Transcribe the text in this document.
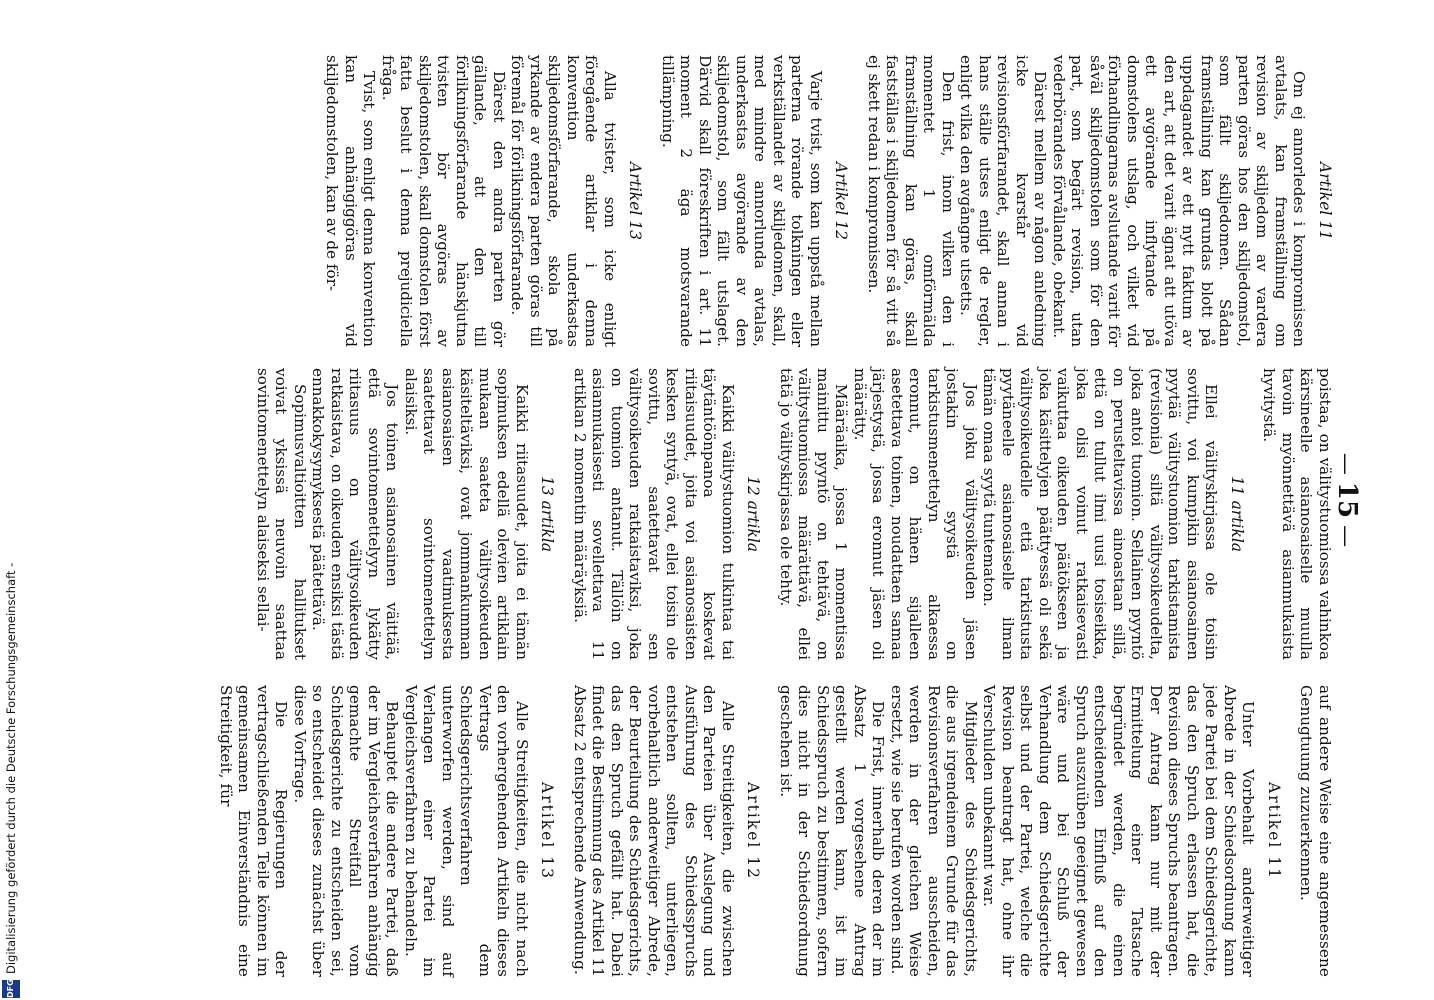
— 15 —
Artikel 11

Om ej annorledes i kompromissen avtalats, kan framställning om revision av skiljedom av vardera parten göras hos den skiljedomstol, som fällt skiljedomen. Sådan framställning kan grundas blott på uppdagandet av ett nytt faktum av den art, att det varit ägnat att utöva ett avgörande inflytande på domstolens utslag, och vilket vid förhandlingarnas avslutande varit för såväl skiljedomstolen som för den part, som begärt revision, utan vederbörandes förvållande, obekant.

Därest mellem av någon anledning icke kvarstår vid revisionsförfarandet, skall annan i hans ställe utses enligt de regler, enligt vilka den avgångne utsetts.

Den frist, inom vilken den i momentet 1 omförmälda framställning kan göras, skall fastställas i skiljedomen för så vitt så ej skett redan i kompromissen.

Artikel 12

Varje tvist, som kan uppstå mellan parterna rörande tolkningen eller verkställandet av skiljedomen, skall, med mindre annorlunda avtalas, underkastas avgörande av den skiljedomstol, som fällt utslaget. Därvid skall föreskriften i art. 11 moment 2 äga motsvarande tillämpning.

Artikel 13

Alla tvister, som icke enligt föregående artiklar i denna konvention underkastas skiljedomsförfarande, skola på yrkande av endera parten göras till föremål för förlikningsförfarande.

Därest den andra parten gör gällande, att den till förlikningsförfarande hänskjutna tvisten bör avgöras av skiljedomstolen, skall domstolen först fatta beslut i denna prejudiciella fråga.

Tvist, som enligt denna konvention kan anhängiggöras vid skiljedomstolen, kan av de för-

poistaa, on välitystuomiossa vahinkoa kärsineelle asianosaiselle muulla tavoin myönnettävä asianmukaista hyvitystä.

11 artikla

Ellei välityskirjassa ole toisin sovittu, voi kumpikin asianosainen pyytää välitystuomion tarkistamista (revisionia) siltä välitysoikeudelta, joka antoi tuomion. Sellainen pyyntö on perusteltavissa ainoastaan sillä, että on tullut ilmi uusi tosiseikka, joka olisi voinut ratkaisevasti vaikuttaa oikeuden päätökseen ja joka käsittelyjen päättyessä oli sekä välitysoikeudelle että tarkistusta pyytäneelle asianosaiselle ilman tämän omaa syytä tuntematon.

Jos joku välitysoikeuden jäsen jostakin syystä on tarkistusmenettelyn alkaessa eronnut, on hänen sijalleen asetettava toinen, noudattaen samaa järjestystä, jossa eronnut jäsen oli määrätty.

Määräaika, jossa 1 momentissa mainittu pyyntö on tehtävä, on välitystuomiossa määrättävä, ellei tätä jo välityskirjassa ole tehty.

12 artikla

Kaikki välitystuomion tulkintaa tai täytäntöönpanoa koskevat riitaisuudet, joita voi asianosaisten kesken syntyä, ovat, ellei toisin ole sovittu, saatettavat sen välitysoikeuden ratkaistaviksi, joka on tuomion antanut. Tällöin on asianmukaisesti sovellettava 11 artiklan 2 momentin määräyksiä.

13 artikla

Kaikki riitasuudet, joita ei tämän sopimuksen edellä olevien artiklain mukaan saateta välitysoikeuden käsiteltäviksi, ovat jommankumman asianosaisen vaatimuksesta saatettavat sovintomenettelyn alaisiksi.

Jos toinen asianosainen väittää, että sovintomenettelyyn lykätty riitasuus on välitysoikeuden ratkaistava, on oikeuden ensiksi tästä ennakkokysymyksestä päätettävä.

Sopimusvaltioitten hallitukset voivat yksissä neuvoin saattaa sovintomenettelyn alaiseksi sellai-

auf andere Weise eine angemessene Genugtuung zuzuerkennen.

Artikel 11

Unter Vorbehalt anderweitiger Abrede in der Schiedsordnung kann jede Partei bei dem Schiedsgerichte, das den Spruch erlassen hat, die Revision dieses Spruchs beantragen. Der Antrag kann nur mit der Ermittelung einer Tatsache begründet werden, die einen entscheidenden Einfluß auf den Spruch auszuüben geeignet gewesen wäre und bei Schluß der Verhandlung dem Schiedsgerichte selbst und der Partei, welche die Revision beantragt hat, ohne ihr Verschulden unbekannt war.

Mitglieder des Schiedsgerichts, die aus irgendeinem Grunde für das Revisionsverfahren ausscheiden, werden in der gleichen Weise ersetzt, wie sie berufen worden sind.

Die Frist, innerhalb deren der im Absatz 1 vorgesehene Antrag gestellt werden kann, ist im Schiedsspruch zu bestimmen, sofern dies nicht in der Schiedsordnung geschehen ist.

Artikel 12

Alle Streitigkeiten, die zwischen den Parteien über Auslegung und Ausführung des Schiedsspruchs entstehen sollten, unterliegen, vorbehaltlich anderweitiger Abrede, der Beurteilung des Schiedsgerichts, das den Spruch gefällt hat. Dabei findet die Bestimmung des Artikel 11 Absatz 2 entsprechende Anwendung.

Artikel 13

Alle Streitigkeiten, die nicht nach den vorhergehenden Artikeln dieses Vertrags dem Schiedsgerichtsverfahren unterworfen werden, sind auf Verlangen einer Partei im Vergleichsverfahren zu behandeln.

Behauptet die andere Partei, daß der im Vergleichsverfahren anhängig gemachte Streitfall vom Schiedsgerichte zu entscheiden sei, so entscheidet dieses zunächst über diese Vorfrage.

Die Regierungen der vertragschließenden Teile können im gemeinsamen Einverständnis eine Streitigkeit, für

DFG
Digitalisierung gefördert durch die Deutsche Forschungsgemeinschaft -
